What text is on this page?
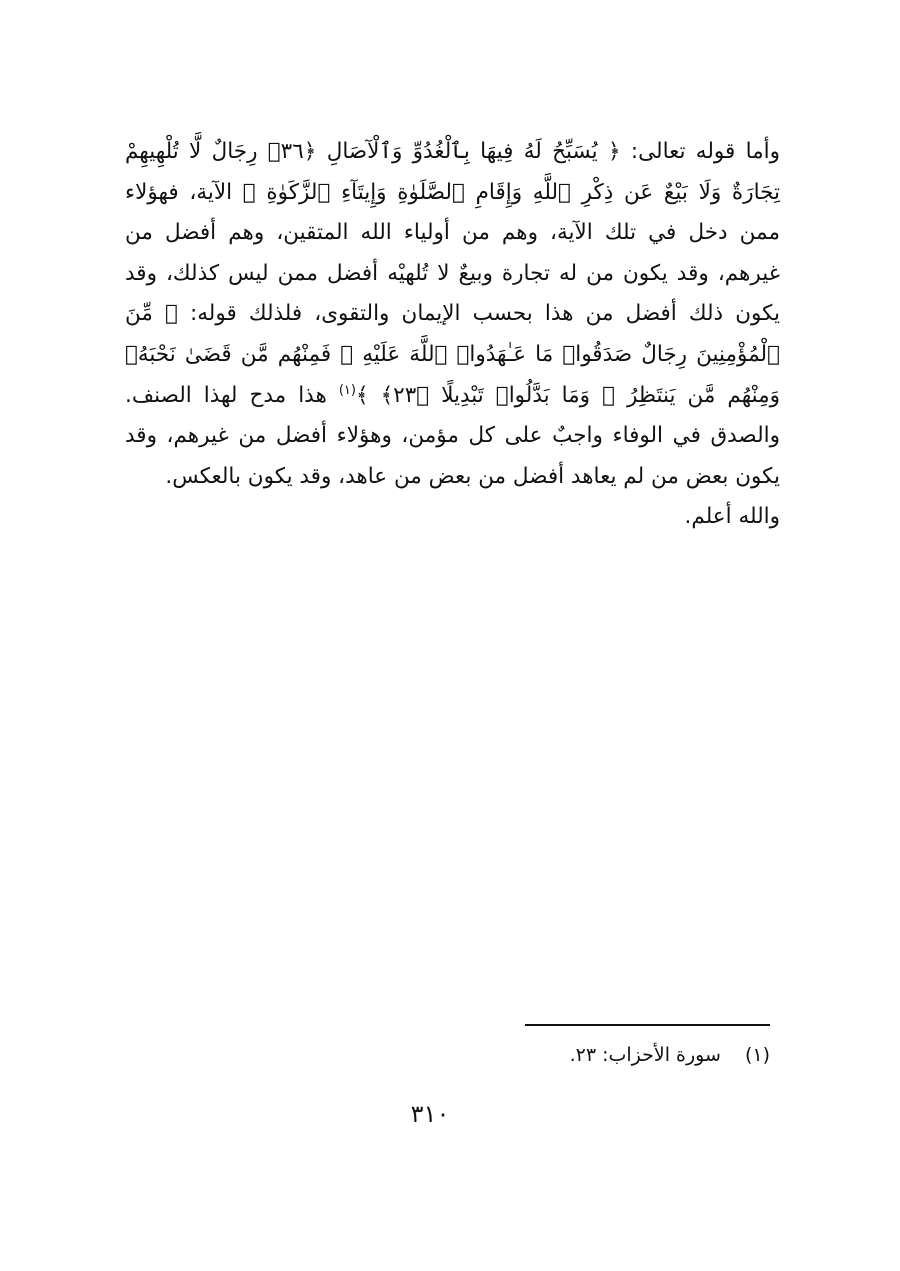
وأما قوله تعالى: ﴿ يُسَبِّحُ لَهُ فِيهَا بِٱلْغُدُوِّ وَٱلْآصَالِ ﴿٣٦﴾ رِجَالٌ لَّا تُلْهِيهِمْ تِجَارَةٌ وَلَا بَيْعٌ عَن ذِكْرِ ٱللَّهِ وَإِقَامِ ٱلصَّلَوٰةِ وَإِيتَآءِ ٱلزَّكَوٰةِ ﴾ الآية، فهؤلاء ممن دخل في تلك الآية، وهم من أولياء الله المتقين، وهم أفضل من غيرهم، وقد يكون من له تجارة وبيعٌ لا تُلهيْه أفضل ممن ليس كذلك، وقد يكون ذلك أفضل من هذا بحسب الإيمان والتقوى، فلذلك قوله: ﴿ مِّنَ ٱلْمُؤْمِنِينَ رِجَالٌ صَدَقُوا۟ مَا عَـٰهَدُوا۟ ٱللَّهَ عَلَيْهِ ۖ فَمِنْهُم مَّن قَضَىٰ نَحْبَهُۥ وَمِنْهُم مَّن يَنتَظِرُ ۖ وَمَا بَدَّلُوا۟ تَبْدِيلًا ﴿٢٣﴾ ﴾$^{(١)}$ هذا مدح لهذا الصنف. والصدق في الوفاء واجبٌ على كل مؤمن، وهؤلاء أفضل من غيرهم، وقد يكون بعض من لم يعاهد أفضل من بعض من عاهد، وقد يكون بالعكس.
والله أعلم.
(١) سورة الأحزاب: ٢٣.
٣١٠
